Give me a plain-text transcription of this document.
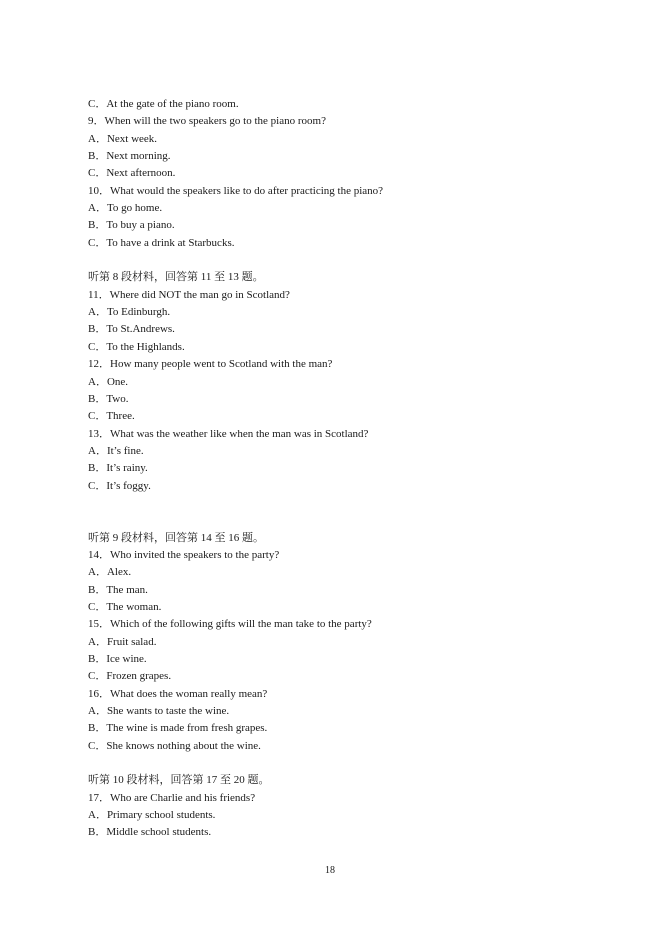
C．At the gate of the piano room.
9．When will the two speakers go to the piano room?
A．Next week.
B．Next morning.
C．Next afternoon.
10．What would the speakers like to do after practicing the piano?
A．To go home.
B．To buy a piano.
C．To have a drink at Starbucks.
听第 8 段材料，回答第 11 至 13 题。
11．Where did NOT the man go in Scotland?
A．To Edinburgh.
B．To St.Andrews.
C．To the Highlands.
12．How many people went to Scotland with the man?
A．One.
B．Two.
C．Three.
13．What was the weather like when the man was in Scotland?
A．It’s fine.
B．It’s rainy.
C．It’s foggy.
听第 9 段材料，回答第 14 至 16 题。
14．Who invited the speakers to the party?
A．Alex.
B．The man.
C．The woman.
15．Which of the following gifts will the man take to the party?
A．Fruit salad.
B．Ice wine.
C．Frozen grapes.
16．What does the woman really mean?
A．She wants to taste the wine.
B．The wine is made from fresh grapes.
C．She knows nothing about the wine.
听第 10 段材料，回答第 17 至 20 题。
17．Who are Charlie and his friends?
A．Primary school students.
B．Middle school students.
18
